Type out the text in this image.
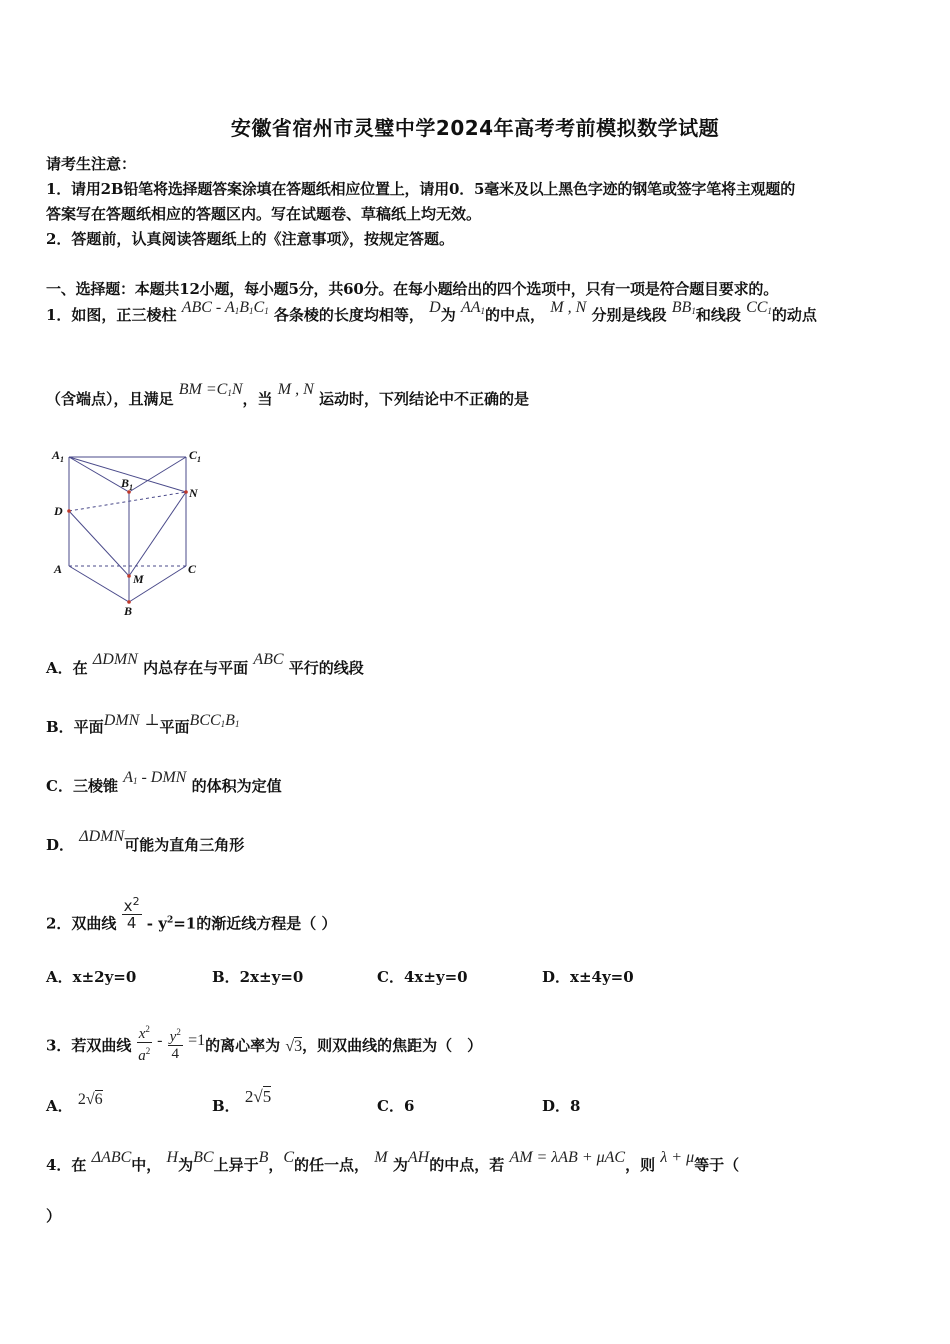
安徽省宿州市灵璧中学2024年高考考前模拟数学试题
请考生注意：
1．请用2B铅笔将选择题答案涂填在答题纸相应位置上，请用0．5毫米及以上黑色字迹的钢笔或签字笔将主观题的
答案写在答题纸相应的答题区内。写在试题卷、草稿纸上均无效。
2．答题前，认真阅读答题纸上的《注意事项》，按规定答题。
一、选择题：本题共12小题，每小题5分，共60分。在每小题给出的四个选项中，只有一项是符合题目要求的。
1．如图，正三棱柱 ABC - $A_1B_1C_1$ 各条棱的长度均相等， D为 $AA_1$的中点， M , N 分别是线段 $BB_1$和线段 $CC_1$的动点
（含端点），且满足 BM $=C_1N$，当 M , N 运动时，下列结论中不正确的是
$A_1$	$C_1$
$B_1$
D
N
A	C
M
B
A．在 ΔDMN 内总存在与平面 ABC 平行的线段
B．平面DMN ⊥平面$BCC_1B_1$
C．三棱锥 $A_1$ - DMN 的体积为定值
D． ΔDMN可能为直角三角形
2．双曲线 $\frac{x^2}{4} - y^2=1$的渐近线方程是（ ）
A．x±2y=0	B．2x±y=0	C．4x±y=0	D．x±4y=0
3．若双曲线 $\frac{x^2}{a^2} - \frac{y^2}{4} =1$的离心率为 √3，则双曲线的焦距为（　）
A． 2√6	B． 2√5	C．6	D．8
4．在 ΔABC中， H为BC上异于B，C的任一点， M 为AH的中点，若 AM = λAB + μAC，则 λ + μ等于（
）
